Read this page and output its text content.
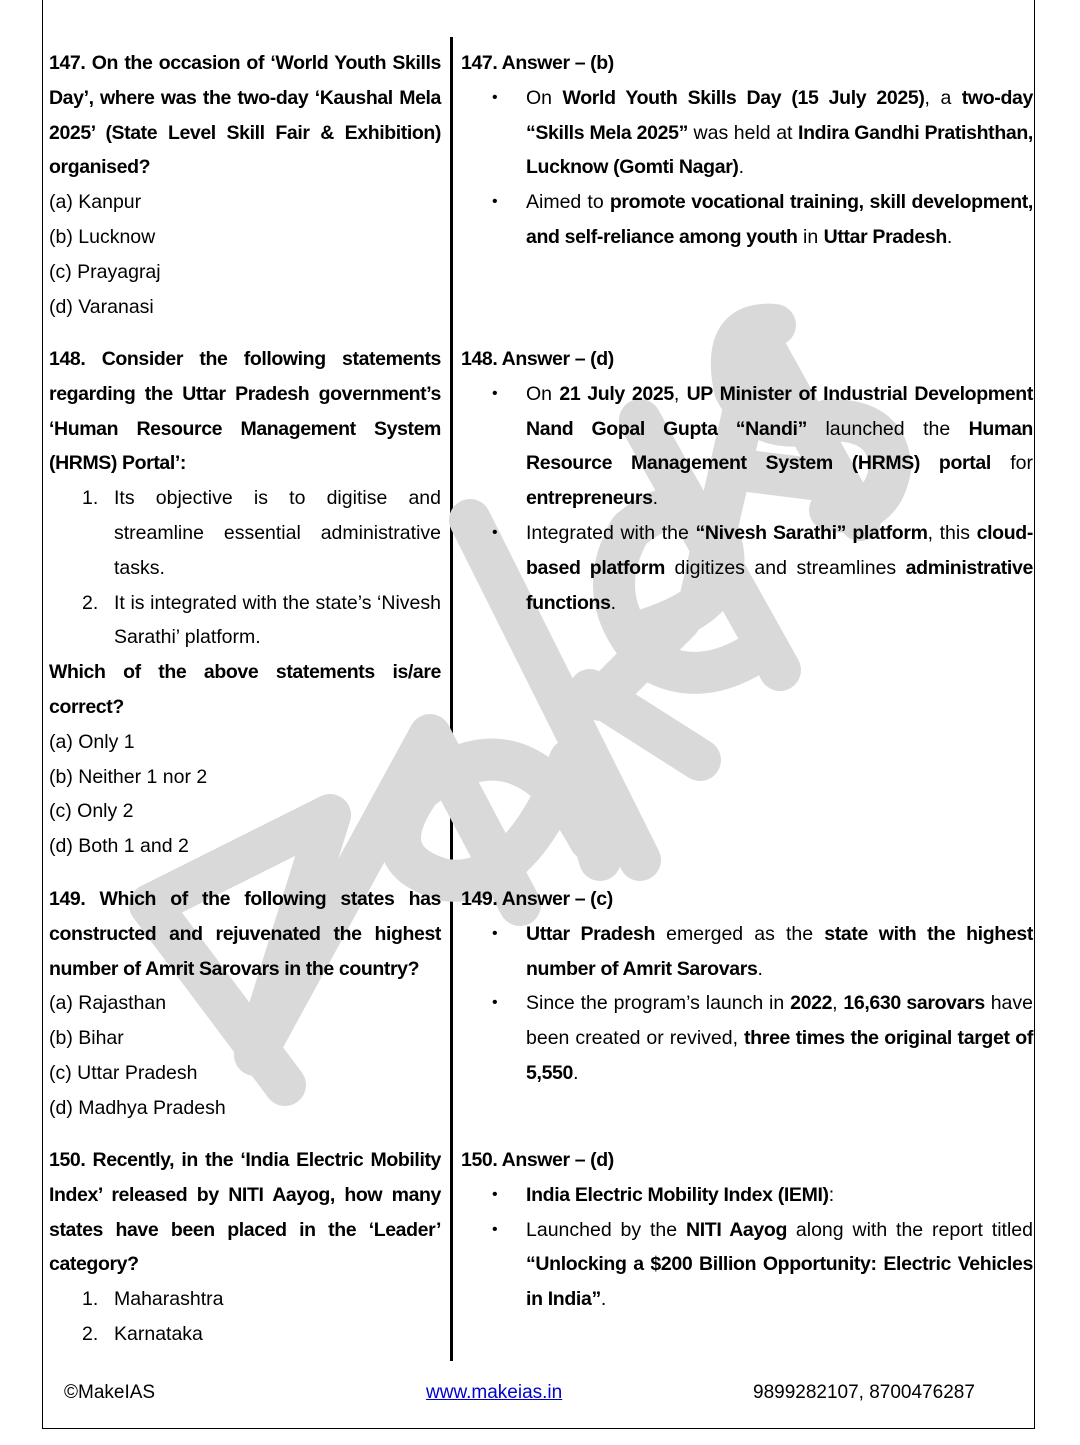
147. On the occasion of ‘World Youth Skills Day’, where was the two-day ‘Kaushal Mela 2025’ (State Level Skill Fair & Exhibition) organised?
(a) Kanpur
(b) Lucknow
(c) Prayagraj
(d) Varanasi
148. Consider the following statements regarding the Uttar Pradesh government’s ‘Human Resource Management System (HRMS) Portal’:
1. Its objective is to digitise and streamline essential administrative tasks.
2. It is integrated with the state’s ‘Nivesh Sarathi’ platform.
Which of the above statements is/are correct?
(a) Only 1
(b) Neither 1 nor 2
(c) Only 2
(d) Both 1 and 2
149. Which of the following states has constructed and rejuvenated the highest number of Amrit Sarovars in the country?
(a) Rajasthan
(b) Bihar
(c) Uttar Pradesh
(d) Madhya Pradesh
150. Recently, in the ‘India Electric Mobility Index’ released by NITI Aayog, how many states have been placed in the ‘Leader’ category?
1. Maharashtra
2. Karnataka
147. Answer – (b)
• On World Youth Skills Day (15 July 2025), a two-day “Skills Mela 2025” was held at Indira Gandhi Pratishthan, Lucknow (Gomti Nagar).
• Aimed to promote vocational training, skill development, and self-reliance among youth in Uttar Pradesh.
148. Answer – (d)
• On 21 July 2025, UP Minister of Industrial Development Nand Gopal Gupta “Nandi” launched the Human Resource Management System (HRMS) portal for entrepreneurs.
• Integrated with the “Nivesh Sarathi” platform, this cloud-based platform digitizes and streamlines administrative functions.
149. Answer – (c)
• Uttar Pradesh emerged as the state with the highest number of Amrit Sarovars.
• Since the program’s launch in 2022, 16,630 sarovars have been created or revived, three times the original target of 5,550.
150. Answer – (d)
• India Electric Mobility Index (IEMI):
• Launched by the NITI Aayog along with the report titled “Unlocking a $200 Billion Opportunity: Electric Vehicles in India”.
©MakeIAS	www.makeias.in	9899282107, 8700476287
